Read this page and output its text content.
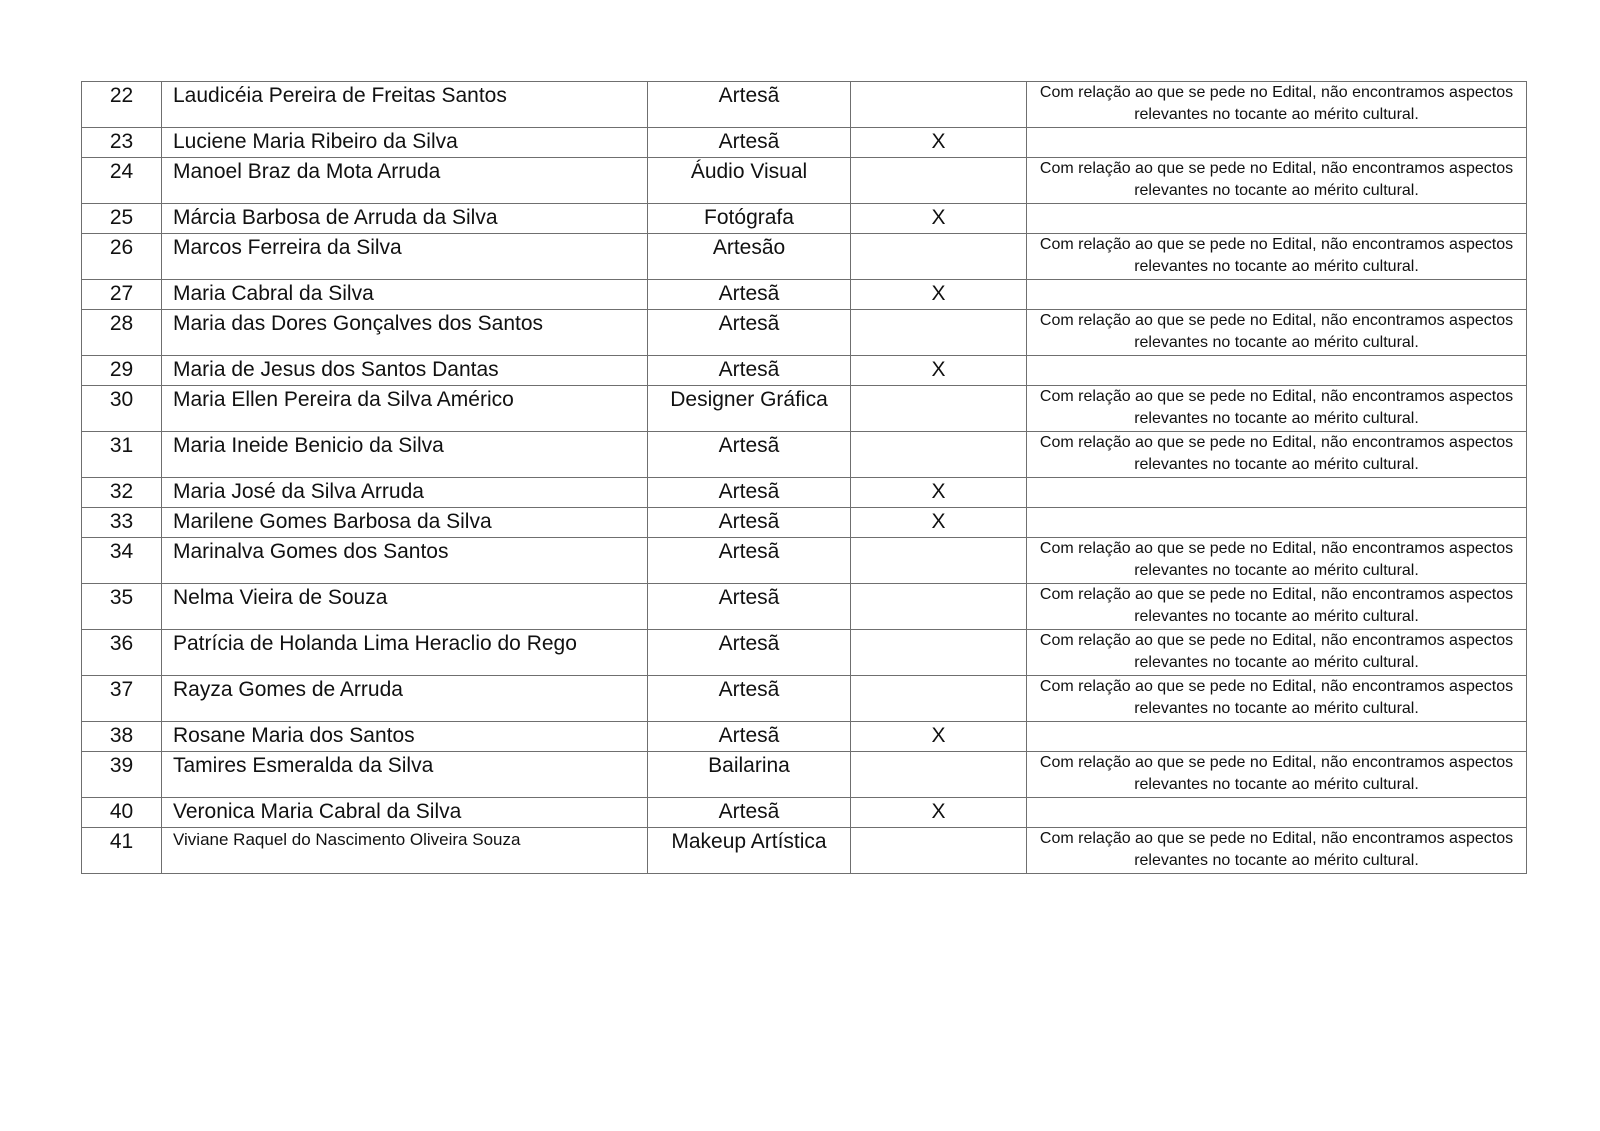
22	Laudicéia Pereira de Freitas Santos	Artesã		Com relação ao que se pede no Edital, não encontramos aspectos relevantes no tocante ao mérito cultural.
23	Luciene Maria Ribeiro da Silva	Artesã	X	
24	Manoel Braz da Mota Arruda	Áudio Visual		Com relação ao que se pede no Edital, não encontramos aspectos relevantes no tocante ao mérito cultural.
25	Márcia Barbosa de Arruda da Silva	Fotógrafa	X	
26	Marcos Ferreira da Silva	Artesão		Com relação ao que se pede no Edital, não encontramos aspectos relevantes no tocante ao mérito cultural.
27	Maria Cabral da Silva	Artesã	X	
28	Maria das Dores Gonçalves dos Santos	Artesã		Com relação ao que se pede no Edital, não encontramos aspectos relevantes no tocante ao mérito cultural.
29	Maria de Jesus dos Santos Dantas	Artesã	X	
30	Maria Ellen Pereira da Silva Américo	Designer Gráfica		Com relação ao que se pede no Edital, não encontramos aspectos relevantes no tocante ao mérito cultural.
31	Maria Ineide Benicio da Silva	Artesã		Com relação ao que se pede no Edital, não encontramos aspectos relevantes no tocante ao mérito cultural.
32	Maria José da Silva Arruda	Artesã	X	
33	Marilene Gomes Barbosa da Silva	Artesã	X	
34	Marinalva Gomes dos Santos	Artesã		Com relação ao que se pede no Edital, não encontramos aspectos relevantes no tocante ao mérito cultural.
35	Nelma Vieira de Souza	Artesã		Com relação ao que se pede no Edital, não encontramos aspectos relevantes no tocante ao mérito cultural.
36	Patrícia de Holanda Lima Heraclio do Rego	Artesã		Com relação ao que se pede no Edital, não encontramos aspectos relevantes no tocante ao mérito cultural.
37	Rayza Gomes de Arruda	Artesã		Com relação ao que se pede no Edital, não encontramos aspectos relevantes no tocante ao mérito cultural.
38	Rosane Maria dos Santos	Artesã	X	
39	Tamires Esmeralda da Silva	Bailarina		Com relação ao que se pede no Edital, não encontramos aspectos relevantes no tocante ao mérito cultural.
40	Veronica Maria Cabral da Silva	Artesã	X	
41	Viviane Raquel do Nascimento Oliveira Souza	Makeup Artística		Com relação ao que se pede no Edital, não encontramos aspectos relevantes no tocante ao mérito cultural.
